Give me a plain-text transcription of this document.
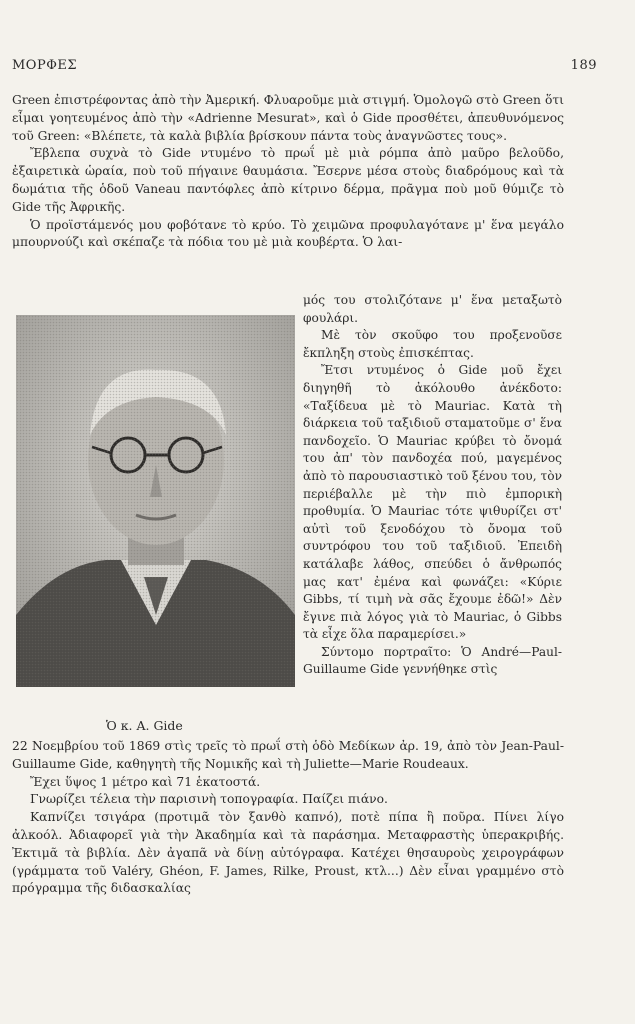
ΜΟΡΦΕΣ	189

Green ἐπιστρέφοντας ἀπὸ τὴν Ἀμερική. Φλυαροῦμε μιὰ στιγμή. Ὁμολογῶ στὸ Green ὅτι εἶμαι γοητευμένος ἀπὸ τὴν «Adrienne Mesurat», καὶ ὁ Gide προσθέτει, ἀπευθυνόμενος τοῦ Green: «Βλέπετε, τὰ καλὰ βιβλία βρίσκουν πάντα τοὺς ἀναγνῶστες τους».

Ἔβλεπα συχνὰ τὸ Gide ντυμένο τὸ πρωΐ μὲ μιὰ ρόμπα ἀπὸ μαῦρο βελοῦδο, ἐξαιρετικὰ ὡραία, ποὺ τοῦ πήγαινε θαυμάσια. Ἔσερνε μέσα στοὺς διαδρόμους καὶ τὰ δωμάτια τῆς ὁδοῦ Vaneau παντόφλες ἀπὸ κίτρινο δέρμα, πρᾶγμα ποὺ μοῦ θύμιζε τὸ Gide τῆς Ἀφρικῆς.

Ὁ προϊστάμενός μου φοβότανε τὸ κρύο. Τὸ χειμῶνα προφυλαγότανε μ' ἕνα μεγάλο μπουρνούζι καὶ σκέπαζε τὰ πόδια του μὲ μιὰ κουβέρτα. Ὁ λαι-

Ὁ κ. Α. Gide

μός του στολιζότανε μ' ἕνα μεταξωτὸ φουλάρι.

Μὲ τὸν σκοῦφο του προξενοῦσε ἔκπληξη στοὺς ἐπισκέπτας.

Ἔτσι ντυμένος ὁ Gide μοῦ ἔχει διηγηθῆ τὸ ἀκόλουθο ἀνέκδοτο: «Ταξίδευα μὲ τὸ Mauriac. Κατὰ τὴ διάρκεια τοῦ ταξιδιοῦ σταματοῦμε σ' ἕνα πανδοχεῖο. Ὁ Mauriac κρύβει τὸ ὄνομά του ἀπ' τὸν πανδοχέα πού, μαγεμένος ἀπὸ τὸ παρουσιαστικὸ τοῦ ξένου του, τὸν περιέβαλλε μὲ τὴν πιὸ ἐμπορικὴ προθυμία. Ὁ Mauriac τότε ψιθυρίζει στ' αὐτὶ τοῦ ξενοδόχου τὸ ὄνομα τοῦ συντρόφου του τοῦ ταξιδιοῦ. Ἐπειδὴ κατάλαβε λάθος, σπεύδει ὁ ἄνθρωπός μας κατ' ἐμένα καὶ φωνάζει: «Κύριε Gibbs, τί τιμὴ νὰ σᾶς ἔχουμε ἐδῶ!» Δὲν ἔγινε πιὰ λόγος γιὰ τὸ Mauriac, ὁ Gibbs τὰ εἶχε ὅλα παραμερίσει.»

Σύντομο πορτραῖτο: Ὁ André—Paul-Guillaume Gide γεννήθηκε στὶς

22 Νοεμβρίου τοῦ 1869 στὶς τρεῖς τὸ πρωΐ στὴ ὁδὸ Μεδίκων ἀρ. 19, ἀπὸ τὸν Jean-Paul-Guillaume Gide, καθηγητὴ τῆς Νομικῆς καὶ τὴ Juliette—Marie Roudeaux.

Ἔχει ὕψος 1 μέτρο καὶ 71 ἑκατοστά.

Γνωρίζει τέλεια τὴν παρισινὴ τοπογραφία. Παίζει πιάνο.

Καπνίζει τσιγάρα (προτιμᾶ τὸν ξανθὸ καπνό), ποτὲ πίπα ἢ ποῦρα. Πίνει λίγο ἀλκοόλ. Ἀδιαφορεῖ γιὰ τὴν Ἀκαδημία καὶ τὰ παράσημα. Μεταφραστὴς ὑπερακριβής. Ἐκτιμᾶ τὰ βιβλία. Δὲν ἀγαπᾶ νὰ δίνῃ αὐτόγραφα. Κατέχει θησαυροὺς χειρογράφων (γράμματα τοῦ Valéry, Ghéon, F. James, Rilke, Proust, κτλ...) Δὲν εἶναι γραμμένο στὸ πρόγραμμα τῆς διδασκαλίας
